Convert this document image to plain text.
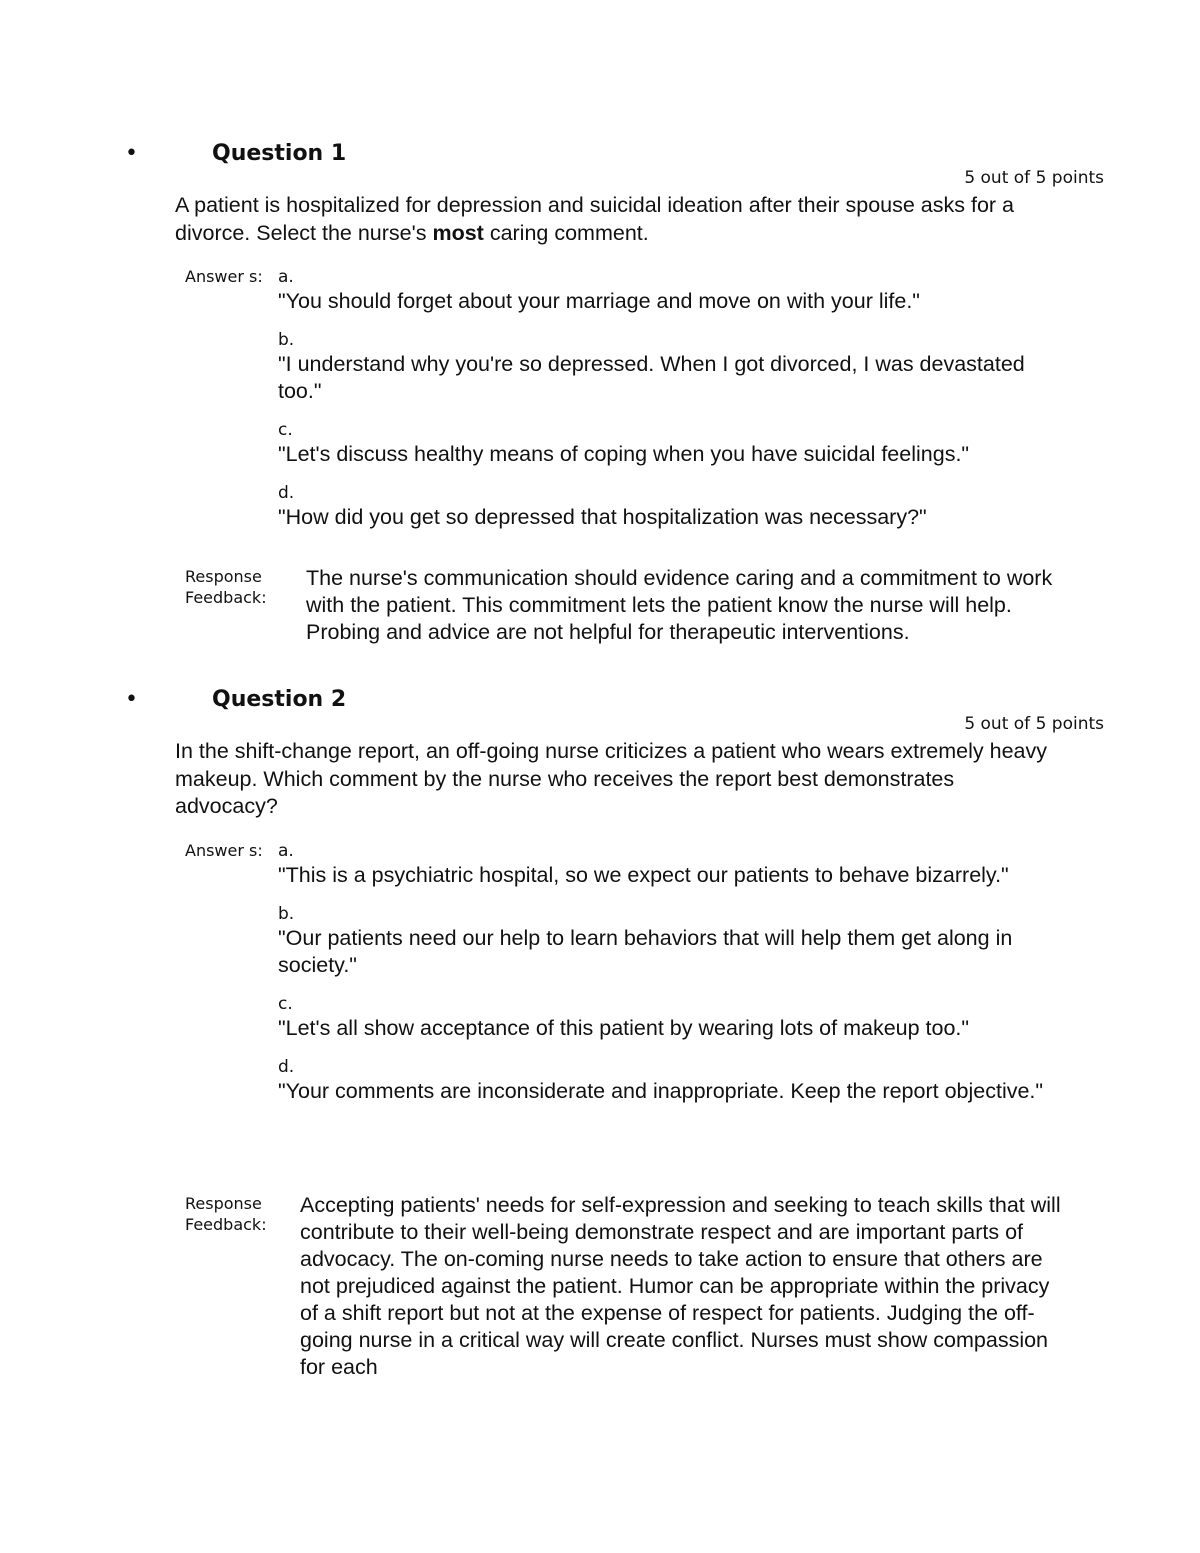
•	Question 1
5 out of 5 points

A patient is hospitalized for depression and suicidal ideation after their spouse asks for a divorce. Select the nurse's most caring comment.

Answer s: a.
"You should forget about your marriage and move on with your life."
b.
"I understand why you're so depressed. When I got divorced, I was devastated too."
c.
"Let's discuss healthy means of coping when you have suicidal feelings."
d.
"How did you get so depressed that hospitalization was necessary?"

Response Feedback:

The nurse's communication should evidence caring and a commitment to work with the patient. This commitment lets the patient know the nurse will help. Probing and advice are not helpful for therapeutic interventions.

•	Question 2
5 out of 5 points

In the shift-change report, an off-going nurse criticizes a patient who wears extremely heavy makeup. Which comment by the nurse who receives the report best demonstrates advocacy?

Answer s: a.
"This is a psychiatric hospital, so we expect our patients to behave bizarrely."
b.
"Our patients need our help to learn behaviors that will help them get along in society."
c.
"Let's all show acceptance of this patient by wearing lots of makeup too."
d.
"Your comments are inconsiderate and inappropriate. Keep the report objective."

Response Feedback:

Accepting patients' needs for self-expression and seeking to teach skills that will contribute to their well-being demonstrate respect and are important parts of advocacy. The on-coming nurse needs to take action to ensure that others are not prejudiced against the patient. Humor can be appropriate within the privacy of a shift report but not at the expense of respect for patients. Judging the off-going nurse in a critical way will create conflict. Nurses must show compassion for each
